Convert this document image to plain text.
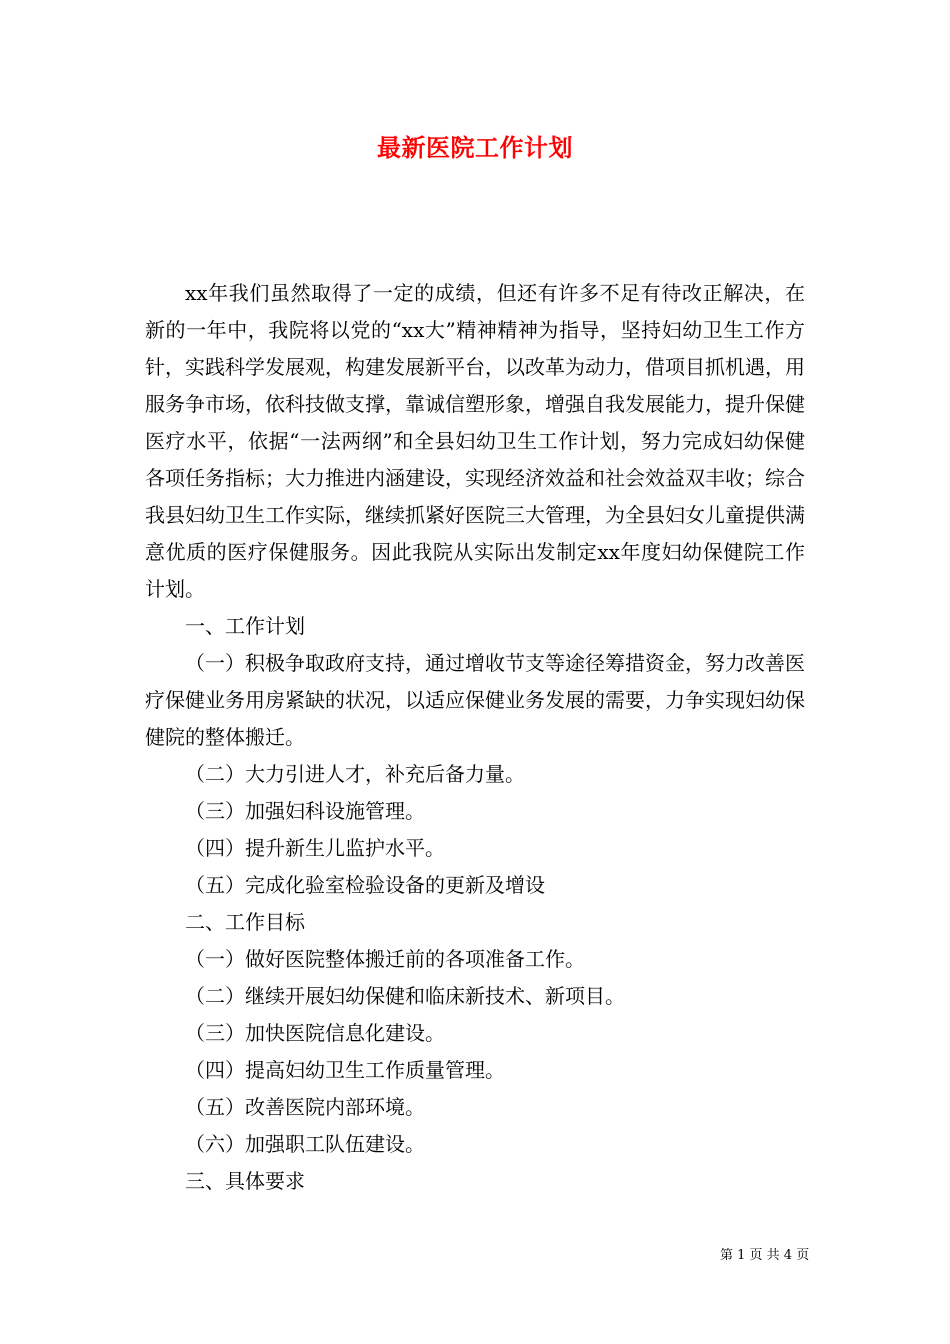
最新医院工作计划

xx年我们虽然取得了一定的成绩，但还有许多不足有待改正解决，在新的一年中，我院将以党的“xx大”精神精神为指导，坚持妇幼卫生工作方针，实践科学发展观，构建发展新平台，以改革为动力，借项目抓机遇，用服务争市场，依科技做支撑，靠诚信塑形象，增强自我发展能力，提升保健医疗水平，依据“一法两纲”和全县妇幼卫生工作计划，努力完成妇幼保健各项任务指标；大力推进内涵建设，实现经济效益和社会效益双丰收；综合我县妇幼卫生工作实际，继续抓紧好医院三大管理，为全县妇女儿童提供满意优质的医疗保健服务。因此我院从实际出发制定xx年度妇幼保健院工作计划。

一、工作计划

（一）积极争取政府支持，通过增收节支等途径筹措资金，努力改善医疗保健业务用房紧缺的状况，以适应保健业务发展的需要，力争实现妇幼保健院的整体搬迁。

（二）大力引进人才，补充后备力量。

（三）加强妇科设施管理。

（四）提升新生儿监护水平。

（五）完成化验室检验设备的更新及增设

二、工作目标

（一）做好医院整体搬迁前的各项准备工作。

（二）继续开展妇幼保健和临床新技术、新项目。

（三）加快医院信息化建设。

（四）提高妇幼卫生工作质量管理。

（五）改善医院内部环境。

（六）加强职工队伍建设。

三、具体要求

第 1 页 共 4 页
